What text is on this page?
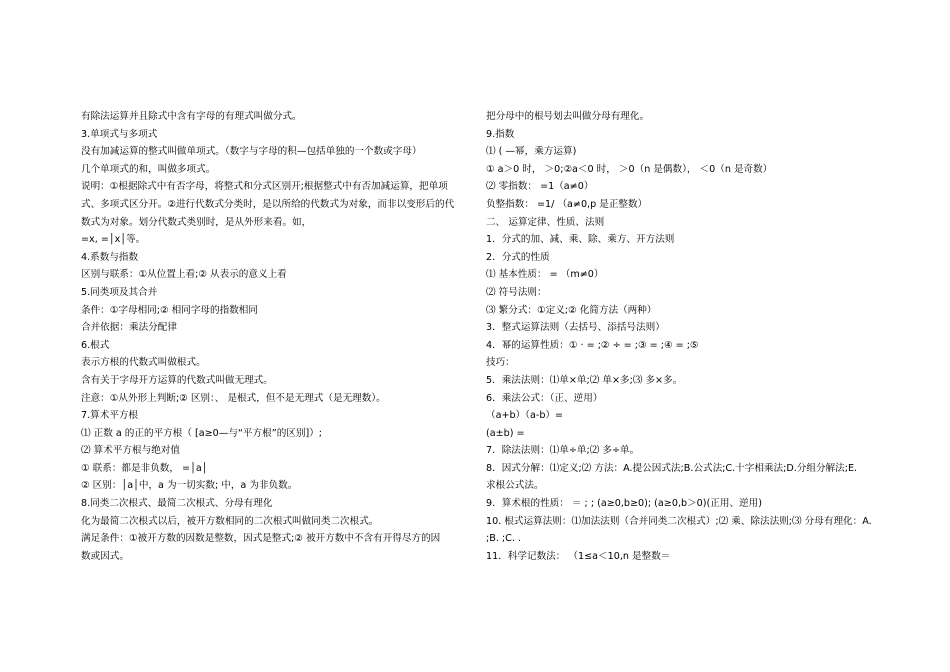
有除法运算并且除式中含有字母的有理式叫做分式。
3.单项式与多项式
没有加减运算的整式叫做单项式。（数字与字母的积—包括单独的一个数或字母）
几个单项式的和，叫做多项式。
说明：①根据除式中有否字母，将整式和分式区别开;根据整式中有否加减运算，把单项
式、多项式区分开。②进行代数式分类时，是以所给的代数式为对象，而非以变形后的代
数式为对象。划分代数式类别时，是从外形来看。如，
=x, =│x│等。
4.系数与指数
区别与联系：①从位置上看;② 从表示的意义上看
5.同类项及其合并
条件：①字母相同;② 相同字母的指数相同
合并依据：乘法分配律
6.根式
表示方根的代数式叫做根式。
含有关于字母开方运算的代数式叫做无理式。
注意：①从外形上判断;② 区别：、 是根式，但不是无理式（是无理数）。
7.算术平方根
⑴ 正数 a 的正的平方根（ [a≥0—与“平方根”的区别]）;
⑵ 算术平方根与绝对值
① 联系：都是非负数， =│a│
② 区别：│a│中，a 为一切实数; 中，a 为非负数。
8.同类二次根式、最简二次根式、分母有理化
化为最简二次根式以后，被开方数相同的二次根式叫做同类二次根式。
满足条件：①被开方数的因数是整数，因式是整式;② 被开方数中不含有开得尽方的因
数或因式。
把分母中的根号划去叫做分母有理化。
9.指数
⑴ ( —幂，乘方运算)
① a＞0 时， ＞0;②a＜0 时， ＞0（n 是偶数）， ＜0（n 是奇数）
⑵ 零指数： =1（a≠0）
负整指数： =1/ （a≠0,p 是正整数）
二、 运算定律、性质、法则
1．分式的加、减、乘、除、乘方、开方法则
2．分式的性质
⑴ 基本性质： = （m≠0）
⑵ 符号法则：
⑶ 繁分式：①定义;② 化简方法（两种）
3．整式运算法则（去括号、添括号法则）
4．幂的运算性质：① · = ;② ÷ = ;③ = ;④ = ;⑤
技巧：
5．乘法法则：⑴单×单;⑵ 单×多;⑶ 多×多。
6．乘法公式：（正、逆用）
（a+b）（a-b）=
(a±b) =
7．除法法则：⑴单÷单;⑵ 多÷单。
8．因式分解：⑴定义;⑵ 方法：A.提公因式法;B.公式法;C.十字相乘法;D.分组分解法;E.
求根公式法。
9．算术根的性质： ＝ ; ; (a≥0,b≥0); (a≥0,b＞0)(正用、逆用)
10. 根式运算法则：⑴加法法则（合并同类二次根式）;⑵ 乘、除法法则;⑶ 分母有理化：A.
;B. ;C. .
11．科学记数法： （1≤a＜10,n 是整数＝
